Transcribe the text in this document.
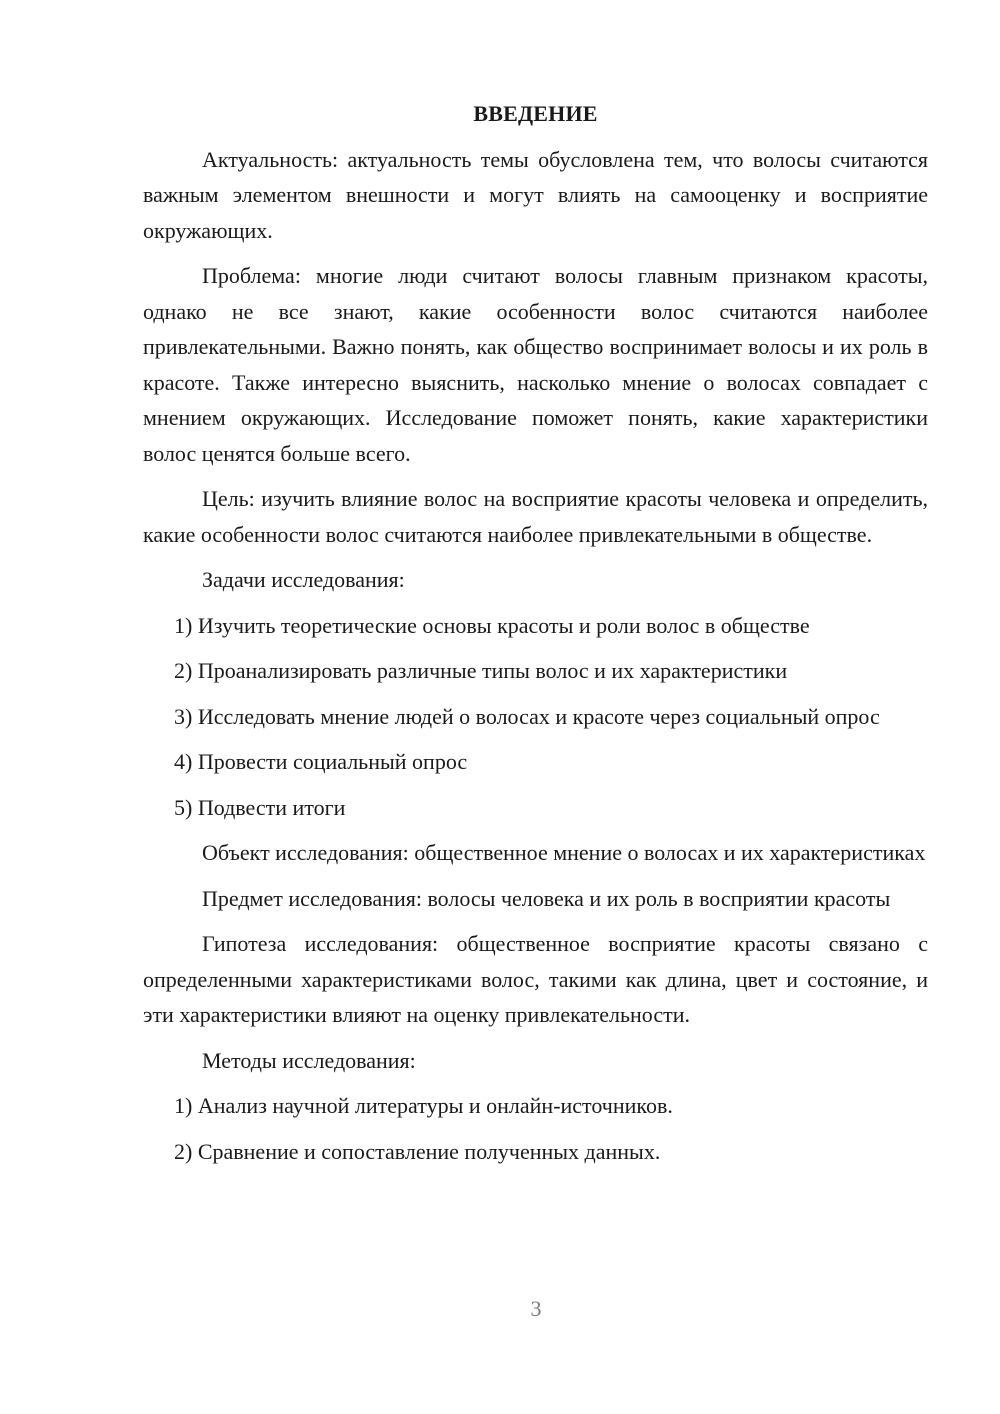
ВВЕДЕНИЕ

Актуальность: актуальность темы обусловлена тем, что волосы считаются важным элементом внешности и могут влиять на самооценку и восприятие окружающих.

Проблема: многие люди считают волосы главным признаком красоты, однако не все знают, какие особенности волос считаются наиболее привлекательными. Важно понять, как общество воспринимает волосы и их роль в красоте. Также интересно выяснить, насколько мнение о волосах совпадает с мнением окружающих. Исследование поможет понять, какие характеристики волос ценятся больше всего.

Цель: изучить влияние волос на восприятие красоты человека и определить, какие особенности волос считаются наиболее привлекательными в обществе.

Задачи исследования:

1) Изучить теоретические основы красоты и роли волос в обществе

2) Проанализировать различные типы волос и их характеристики

3) Исследовать мнение людей о волосах и красоте через социальный опрос

4) Провести социальный опрос

5) Подвести итоги

Объект исследования: общественное мнение о волосах и их характеристиках

Предмет исследования: волосы человека и их роль в восприятии красоты

Гипотеза исследования: общественное восприятие красоты связано с определенными характеристиками волос, такими как длина, цвет и состояние, и эти характеристики влияют на оценку привлекательности.

Методы исследования:

1) Анализ научной литературы и онлайн-источников.

2) Сравнение и сопоставление полученных данных.

3
